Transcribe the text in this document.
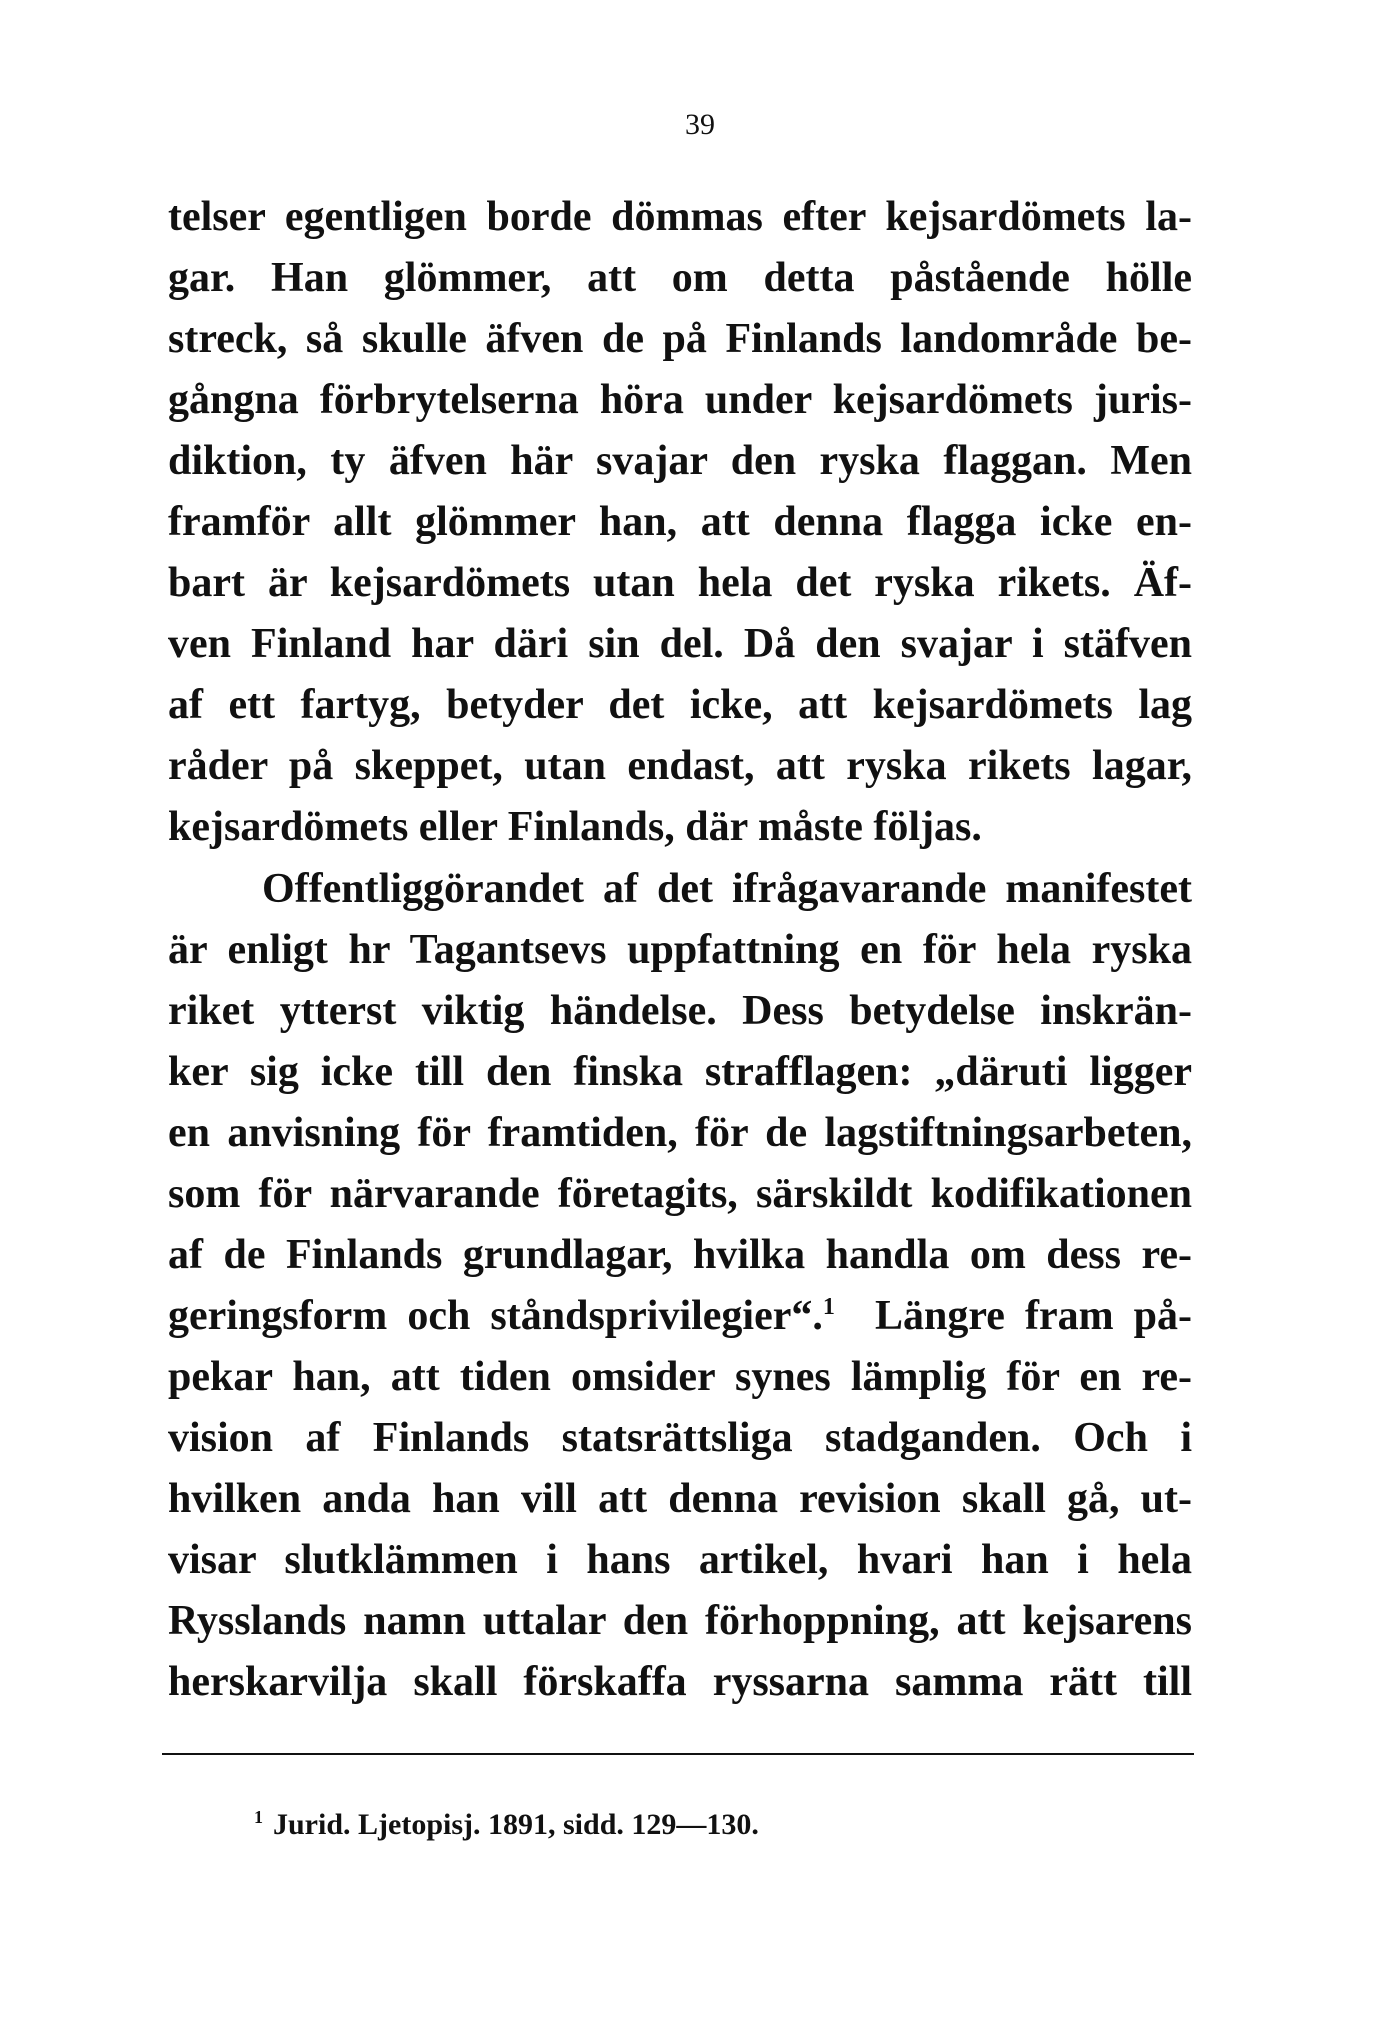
39
telser egentligen borde dömmas efter kejsardömets la-
gar. Han glömmer, att om detta påstående hölle
streck, så skulle äfven de på Finlands landområde be-
gångna förbrytelserna höra under kejsardömets juris-
diktion, ty äfven här svajar den ryska flaggan. Men
framför allt glömmer han, att denna flagga icke en-
bart är kejsardömets utan hela det ryska rikets. Äf-
ven Finland har däri sin del. Då den svajar i stäfven
af ett fartyg, betyder det icke, att kejsardömets lag
råder på skeppet, utan endast, att ryska rikets lagar,
kejsardömets eller Finlands, där måste följas.
Offentliggörandet af det ifrågavarande manifestet
är enligt hr Tagantsevs uppfattning en för hela ryska
riket ytterst viktig händelse. Dess betydelse inskrän-
ker sig icke till den finska strafflagen: „däruti ligger
en anvisning för framtiden, för de lagstiftningsarbeten,
som för närvarande företagits, särskildt kodifikationen
af de Finlands grundlagar, hvilka handla om dess re-
geringsform och ståndsprivilegier“.$^1$ Längre fram på-
pekar han, att tiden omsider synes lämplig för en re-
vision af Finlands statsrättsliga stadganden. Och i
hvilken anda han vill att denna revision skall gå, ut-
visar slutklämmen i hans artikel, hvari han i hela
Rysslands namn uttalar den förhoppning, att kejsarens
herskarvilja skall förskaffa ryssarna samma rätt till
$^1$ Jurid. Ljetopisj. 1891, sidd. 129—130.
